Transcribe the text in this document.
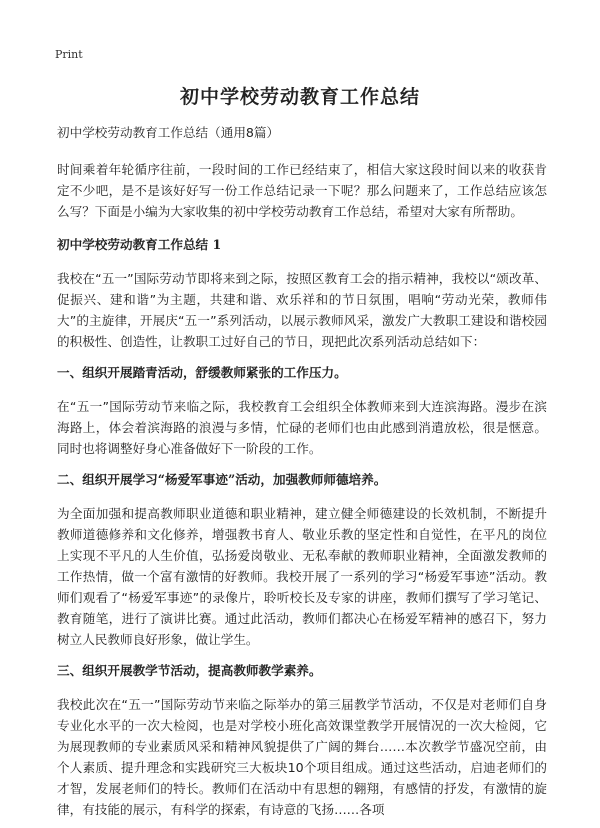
Print
初中学校劳动教育工作总结

初中学校劳动教育工作总结（通用8篇）

时间乘着年轮循序往前，一段时间的工作已经结束了，相信大家这段时间以来的收获肯定不少吧，是不是该好好写一份工作总结记录一下呢？那么问题来了，工作总结应该怎么写？下面是小编为大家收集的初中学校劳动教育工作总结，希望对大家有所帮助。

初中学校劳动教育工作总结 1

我校在“五一”国际劳动节即将来到之际，按照区教育工会的指示精神，我校以“颂改革、促振兴、建和谐”为主题，共建和谐、欢乐祥和的节日氛围，唱响“劳动光荣，教师伟大”的主旋律，开展庆“五一”系列活动，以展示教师风采，激发广大教职工建设和谐校园的积极性、创造性，让教职工过好自己的节日，现把此次系列活动总结如下：

一、组织开展踏青活动，舒缓教师紧张的工作压力。

在“五一”国际劳动节来临之际，我校教育工会组织全体教师来到大连滨海路。漫步在滨海路上，体会着滨海路的浪漫与多情，忙碌的老师们也由此感到消遣放松，很是惬意。同时也将调整好身心准备做好下一阶段的工作。

二、组织开展学习“杨爱军事迹”活动，加强教师师德培养。

为全面加强和提高教师职业道德和职业精神，建立健全师德建设的长效机制，不断提升教师道德修养和文化修养，增强教书育人、敬业乐教的坚定性和自觉性，在平凡的岗位上实现不平凡的人生价值，弘扬爱岗敬业、无私奉献的教师职业精神，全面激发教师的工作热情，做一个富有激情的好教师。我校开展了一系列的学习“杨爱军事迹”活动。教师们观看了“杨爱军事迹”的录像片，聆听校长及专家的讲座，教师们撰写了学习笔记、教育随笔，进行了演讲比赛。通过此活动，教师们都决心在杨爱军精神的感召下，努力树立人民教师良好形象，做让学生。

三、组织开展教学节活动，提高教师教学素养。

我校此次在“五一”国际劳动节来临之际举办的第三届教学节活动，不仅是对老师们自身专业化水平的一次大检阅，也是对学校小班化高效课堂教学开展情况的一次大检阅，它为展现教师的专业素质风采和精神风貌提供了广阔的舞台……本次教学节盛况空前，由个人素质、提升理念和实践研究三大板块10个项目组成。通过这些活动，启迪老师们的才智，发展老师们的特长。教师们在活动中有思想的翱翔，有感情的抒发，有激情的旋律，有技能的展示，有科学的探索，有诗意的飞扬……各项
